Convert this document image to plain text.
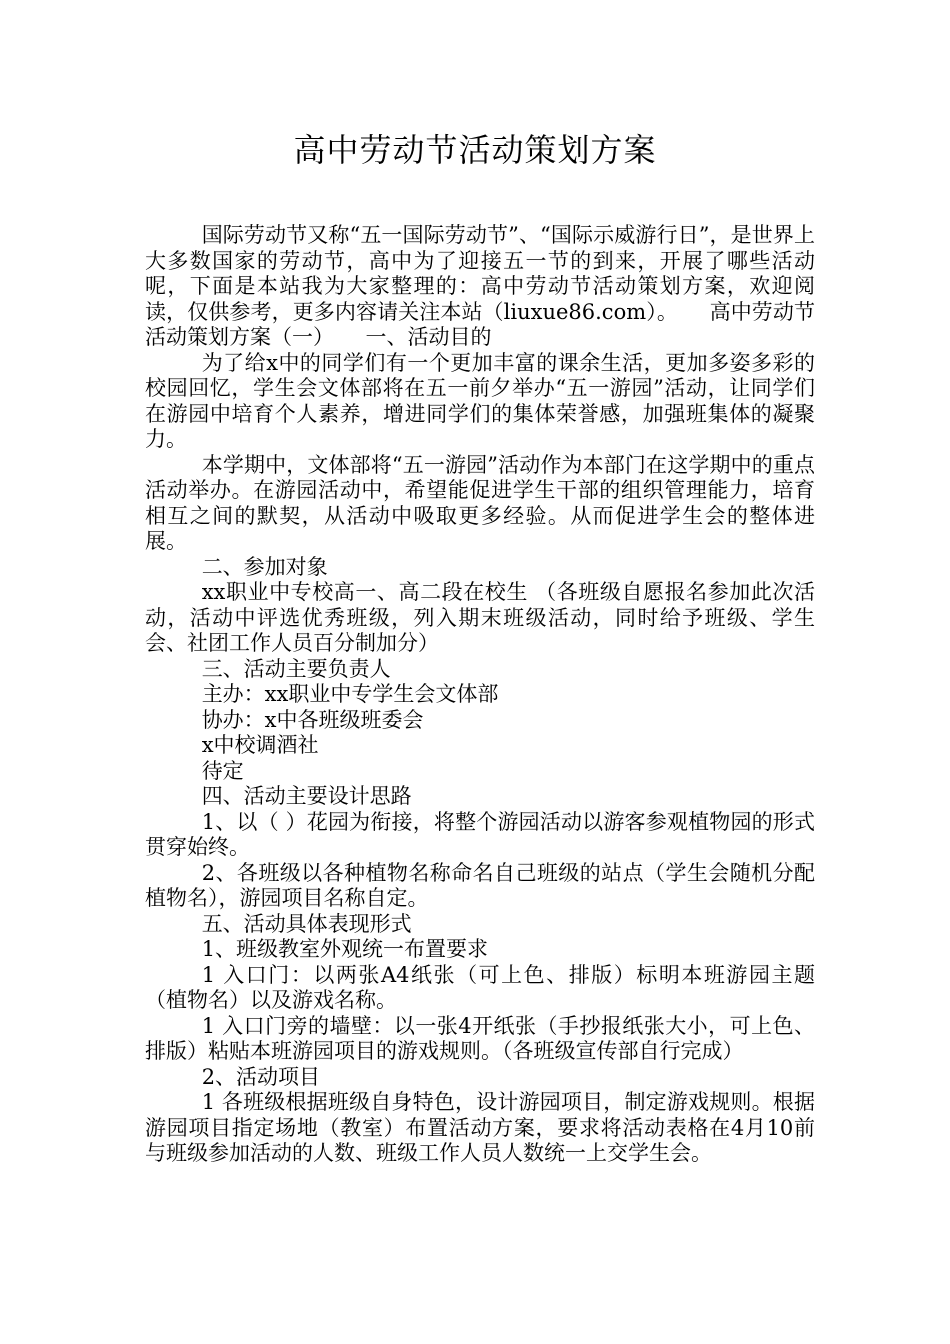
高中劳动节活动策划方案

国际劳动节又称“五一国际劳动节”、“国际示威游行日”，是世界上大多数国家的劳动节，高中为了迎接五一节的到来，开展了哪些活动呢，下面是本站我为大家整理的：高中劳动节活动策划方案，欢迎阅读，仅供参考，更多内容请关注本站（liuxue86.com）。　　高中劳动节活动策划方案（一）　　一、活动目的

为了给x中的同学们有一个更加丰富的课余生活，更加多姿多彩的校园回忆，学生会文体部将在五一前夕举办“五一游园”活动，让同学们在游园中培育个人素养，增进同学们的集体荣誉感，加强班集体的凝聚力。

本学期中，文体部将“五一游园”活动作为本部门在这学期中的重点活动举办。在游园活动中，希望能促进学生干部的组织管理能力，培育相互之间的默契，从活动中吸取更多经验。从而促进学生会的整体进展。

二、参加对象

xx职业中专校高一、高二段在校生 （各班级自愿报名参加此次活动，活动中评选优秀班级，列入期末班级活动，同时给予班级、学生会、社团工作人员百分制加分）

三、活动主要负责人

主办：xx职业中专学生会文体部

协办：x中各班级班委会

x中校调酒社

待定

四、活动主要设计思路

1、以（ ）花园为衔接，将整个游园活动以游客参观植物园的形式贯穿始终。

2、各班级以各种植物名称命名自己班级的站点（学生会随机分配植物名），游园项目名称自定。

五、活动具体表现形式

1、班级教室外观统一布置要求

1 入口门：以两张A4纸张（可上色、排版）标明本班游园主题（植物名）以及游戏名称。

1 入口门旁的墙壁：以一张4开纸张（手抄报纸张大小，可上色、排版）粘贴本班游园项目的游戏规则。（各班级宣传部自行完成）

2、活动项目

1 各班级根据班级自身特色，设计游园项目，制定游戏规则。根据游园项目指定场地（教室）布置活动方案，要求将活动表格在4月10前与班级参加活动的人数、班级工作人员人数统一上交学生会。
